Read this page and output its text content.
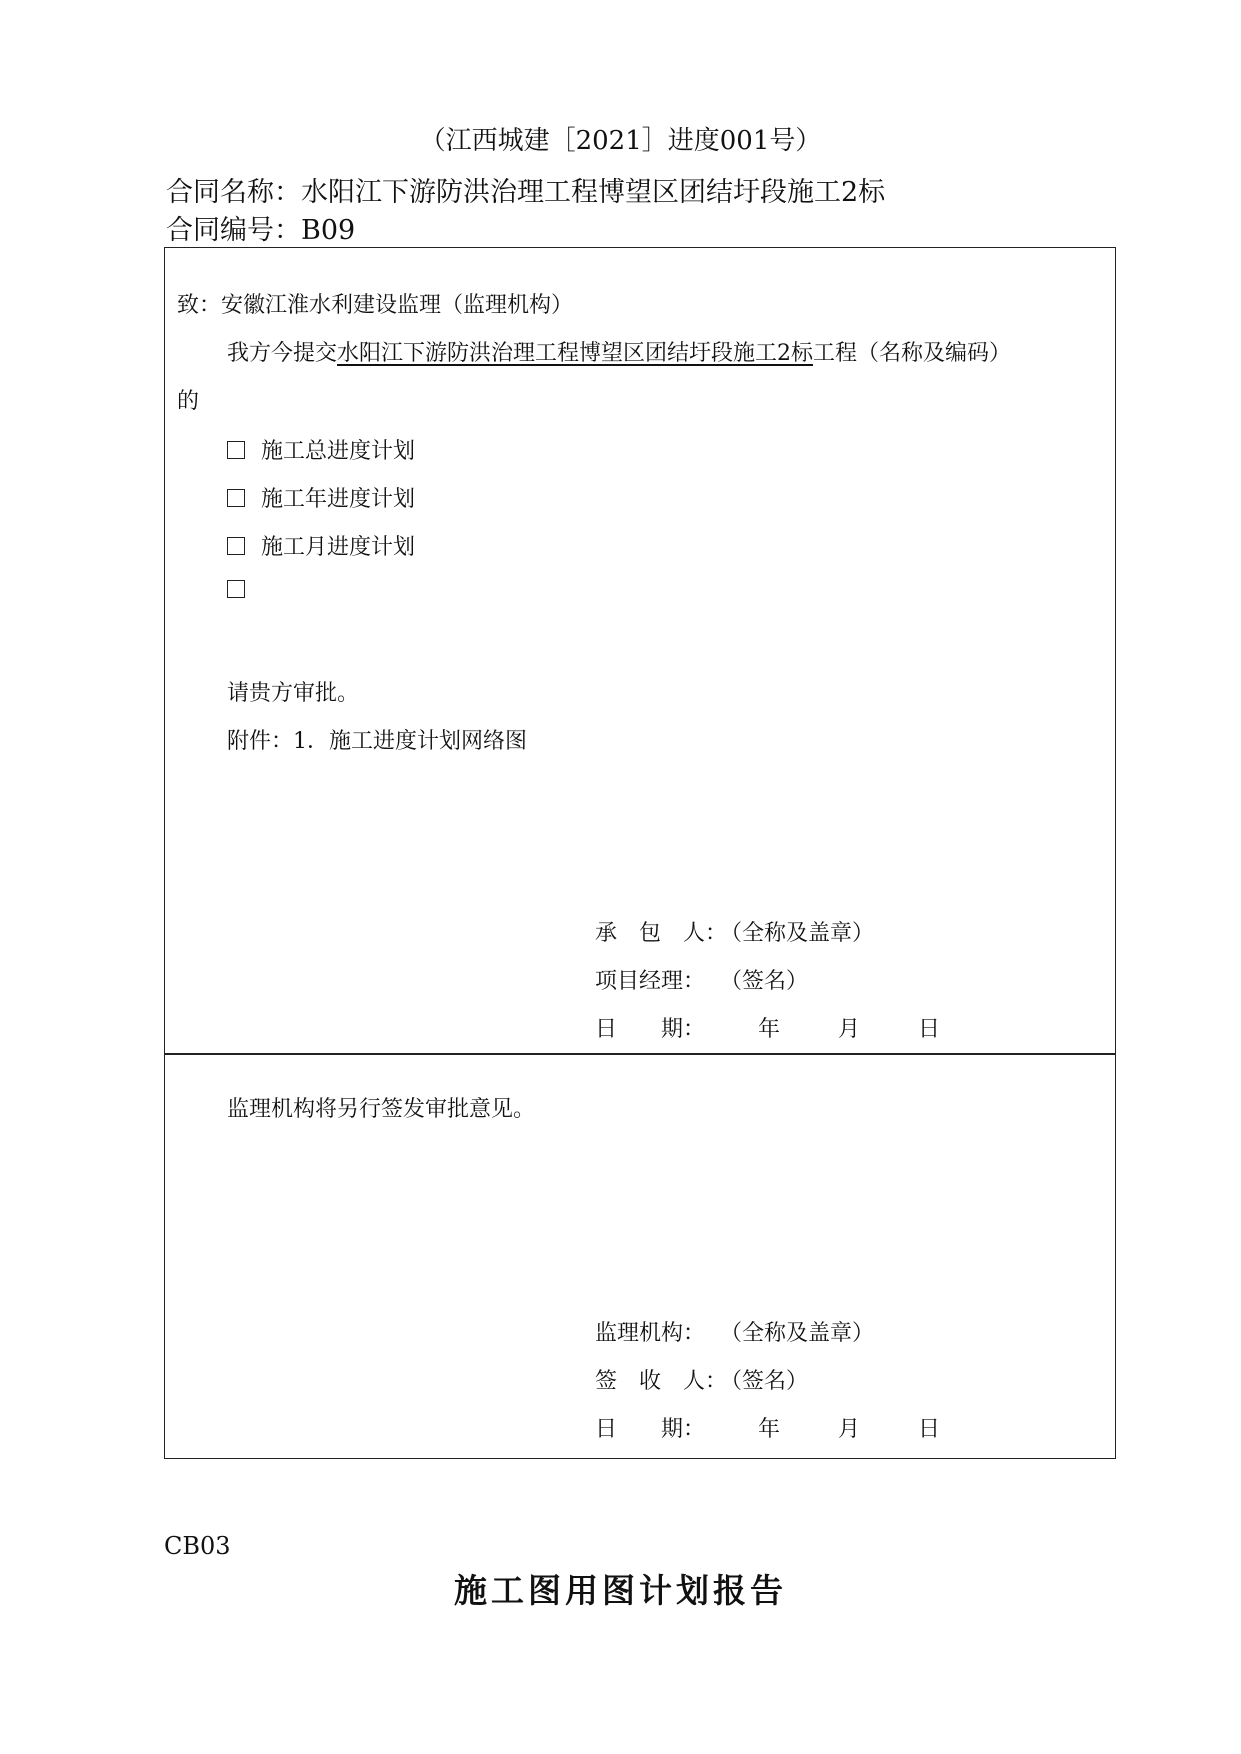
（江西城建［2021］进度001号）
合同名称：水阳江下游防洪治理工程博望区团结圩段施工2标
合同编号：B09
致：安徽江淮水利建设监理（监理机构）
我方今提交水阳江下游防洪治理工程博望区团结圩段施工2标工程（名称及编码）
的
施工总进度计划
施工年进度计划
施工月进度计划
请贵方审批。
附件：1．施工进度计划网络图
承　包　人：（全称及盖章）
项目经理： （签名）
日　　期： 年	月	日
监理机构将另行签发审批意见。
监理机构： （全称及盖章）
签　收　人：（签名）
日　　期： 年	月	日
CB03
施工图用图计划报告
